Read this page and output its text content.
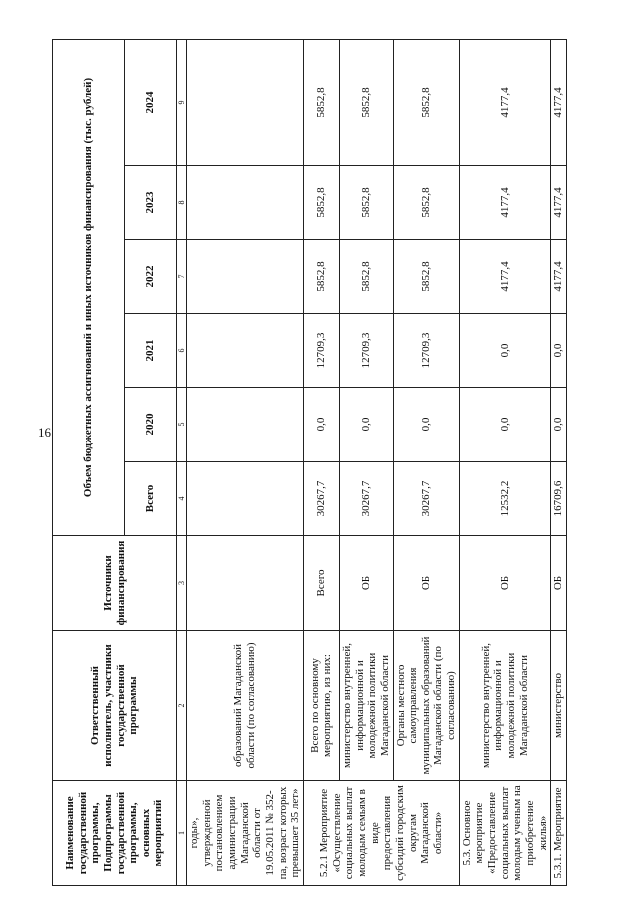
16
Наименование государственной программы, Подпрограммы государственной программы, основных мероприятий	Ответственный исполнитель, участники государственной программы	Источники финансирования	Объем бюджетных ассигнований и иных источников финансирования (тыс. рублей)					
			Всего	2020	2021	2022	2023	2024
1	2	3	4	5	6	7	8	9
годы», утвержденной постановлением администрации Магаданской области от 19.05.2011 № 352-па, возраст которых превышает 35 лет»	образований Магаданской области (по согласованию)							
5.2.1 Мероприятие «Осуществление социальных выплат молодым семьям в виде предоставления субсидий городским округам Магаданской области»	Всего по основному мероприятию, из них:	Всего	30267,7	0,0	12709,3	5852,8	5852,8	5852,8
	министерство внутренней, информационной и молодежной политики Магаданской области	ОБ	30267,7	0,0	12709,3	5852,8	5852,8	5852,8
	Органы местного самоуправления муниципальных образований Магаданской области (по согласованию)	ОБ	30267,7	0,0	12709,3	5852,8	5852,8	5852,8
5.3. Основное мероприятие «Предоставление социальных выплат молодым ученым на приобретение жилья»	министерство внутренней, информационной и молодежной политики Магаданской области	ОБ	12532,2	0,0	0,0	4177,4	4177,4	4177,4
5.3.1. Мероприятие	министерство	ОБ	16709,6	0,0	0,0	4177,4	4177,4	4177,4
